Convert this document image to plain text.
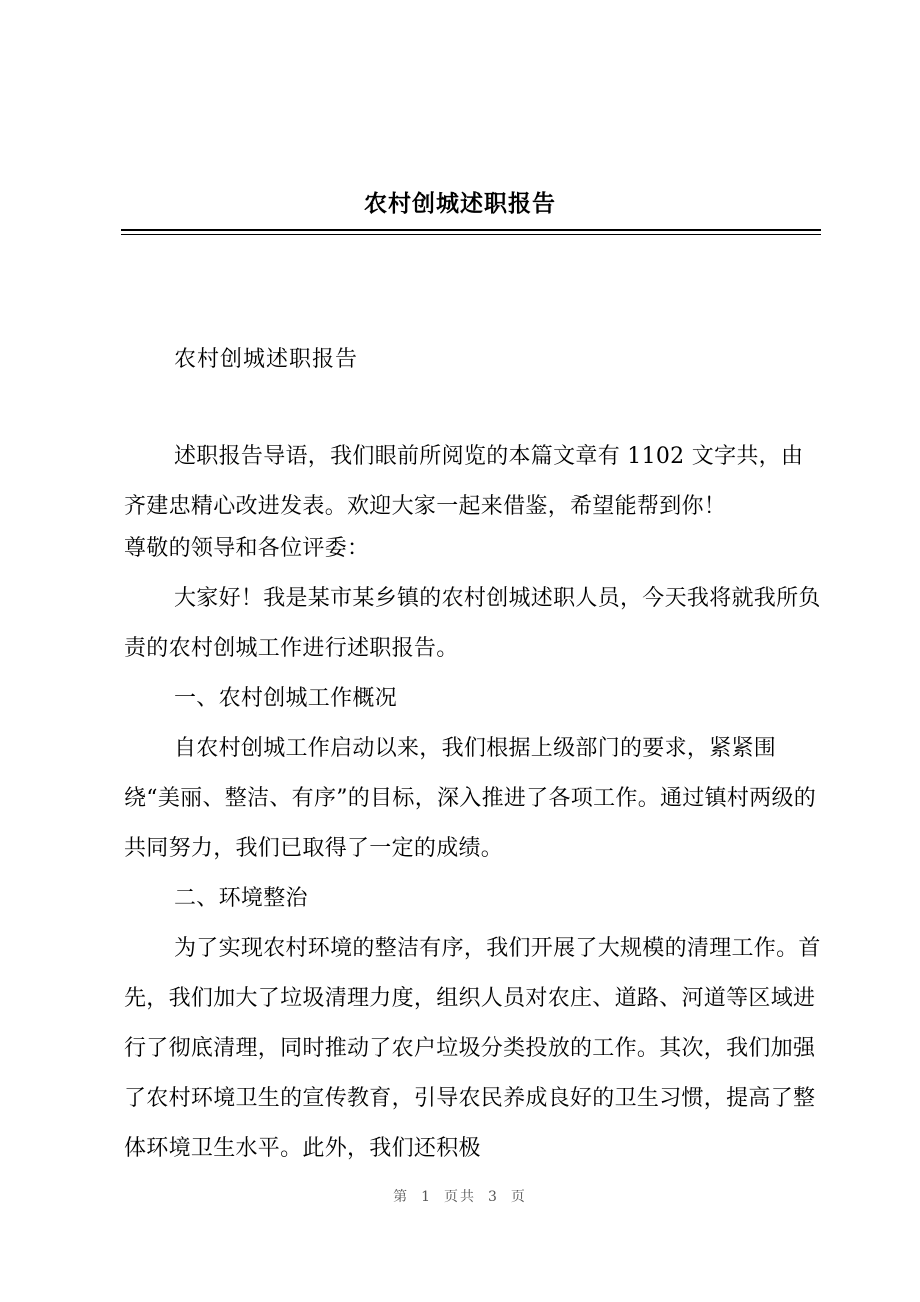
农村创城述职报告
农村创城述职报告

述职报告导语，我们眼前所阅览的本篇文章有 1102 文字共，由齐建忠精心改进发表。欢迎大家一起来借鉴，希望能帮到你！

尊敬的领导和各位评委：

大家好！我是某市某乡镇的农村创城述职人员，今天我将就我所负责的农村创城工作进行述职报告。

一、农村创城工作概况

自农村创城工作启动以来，我们根据上级部门的要求，紧紧围绕“美丽、整洁、有序”的目标，深入推进了各项工作。通过镇村两级的共同努力，我们已取得了一定的成绩。

二、环境整治

为了实现农村环境的整洁有序，我们开展了大规模的清理工作。首先，我们加大了垃圾清理力度，组织人员对农庄、道路、河道等区域进行了彻底清理，同时推动了农户垃圾分类投放的工作。其次，我们加强了农村环境卫生的宣传教育，引导农民养成良好的卫生习惯，提高了整体环境卫生水平。此外，我们还积极

第 1 页共 3 页
